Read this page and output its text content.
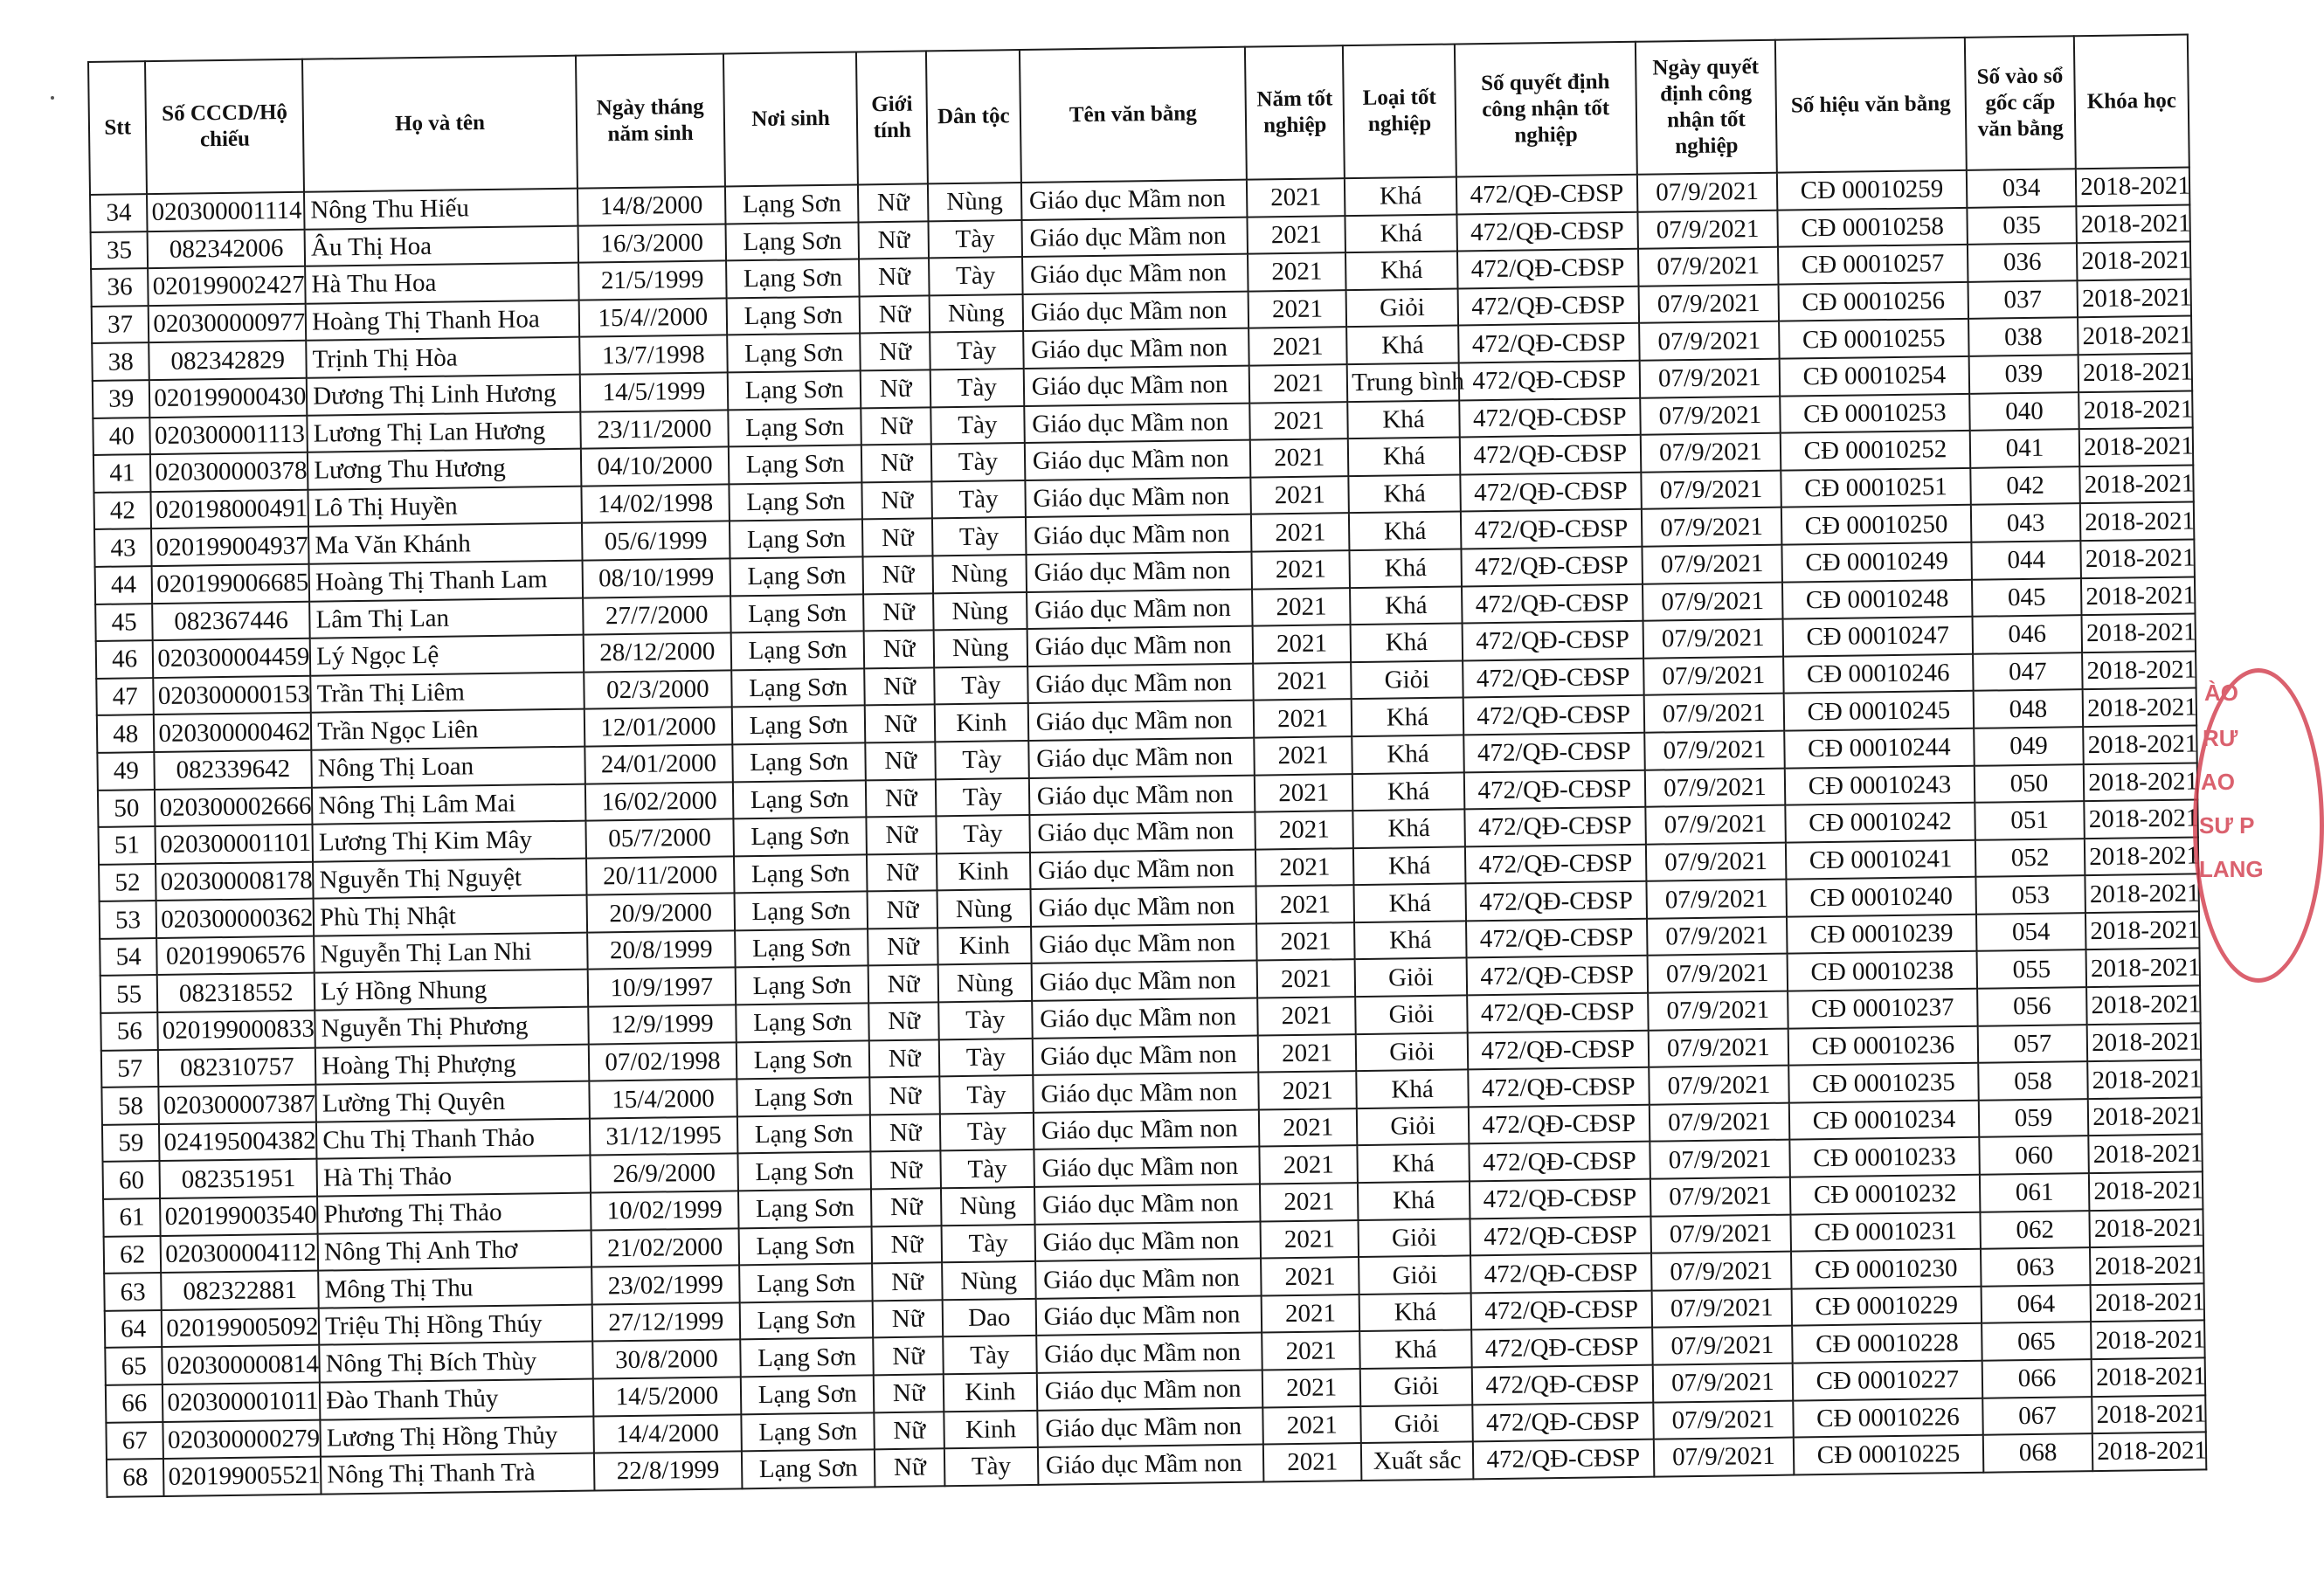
Stt	Số CCCD/Hộ chiếu	Họ và tên	Ngày tháng năm sinh	Nơi sinh	Giới tính	Dân tộc	Tên văn bằng	Năm tốt nghiệp	Loại tốt nghiệp	Số quyết định công nhận tốt nghiệp	Ngày quyết định công nhận tốt nghiệp	Số hiệu văn bằng	Số vào sổ gốc cấp văn bằng	Khóa học
34	020300001114	Nông Thu Hiếu	14/8/2000	Lạng Sơn	Nữ	Nùng	Giáo dục Mầm non	2021	Khá	472/QĐ-CĐSP	07/9/2021	CĐ 00010259	034	2018-2021
35	082342006	Âu Thị Hoa	16/3/2000	Lạng Sơn	Nữ	Tày	Giáo dục Mầm non	2021	Khá	472/QĐ-CĐSP	07/9/2021	CĐ 00010258	035	2018-2021
36	020199002427	Hà Thu Hoa	21/5/1999	Lạng Sơn	Nữ	Tày	Giáo dục Mầm non	2021	Khá	472/QĐ-CĐSP	07/9/2021	CĐ 00010257	036	2018-2021
37	020300000977	Hoàng Thị Thanh Hoa	15/4//2000	Lạng Sơn	Nữ	Nùng	Giáo dục Mầm non	2021	Giỏi	472/QĐ-CĐSP	07/9/2021	CĐ 00010256	037	2018-2021
38	082342829	Trịnh Thị Hòa	13/7/1998	Lạng Sơn	Nữ	Tày	Giáo dục Mầm non	2021	Khá	472/QĐ-CĐSP	07/9/2021	CĐ 00010255	038	2018-2021
39	020199000430	Dương Thị Linh Hương	14/5/1999	Lạng Sơn	Nữ	Tày	Giáo dục Mầm non	2021	Trung bình	472/QĐ-CĐSP	07/9/2021	CĐ 00010254	039	2018-2021
40	020300001113	Lương Thị Lan Hương	23/11/2000	Lạng Sơn	Nữ	Tày	Giáo dục Mầm non	2021	Khá	472/QĐ-CĐSP	07/9/2021	CĐ 00010253	040	2018-2021
41	020300000378	Lương Thu Hương	04/10/2000	Lạng Sơn	Nữ	Tày	Giáo dục Mầm non	2021	Khá	472/QĐ-CĐSP	07/9/2021	CĐ 00010252	041	2018-2021
42	020198000491	Lô Thị Huyền	14/02/1998	Lạng Sơn	Nữ	Tày	Giáo dục Mầm non	2021	Khá	472/QĐ-CĐSP	07/9/2021	CĐ 00010251	042	2018-2021
43	020199004937	Ma Văn Khánh	05/6/1999	Lạng Sơn	Nữ	Tày	Giáo dục Mầm non	2021	Khá	472/QĐ-CĐSP	07/9/2021	CĐ 00010250	043	2018-2021
44	020199006685	Hoàng Thị Thanh Lam	08/10/1999	Lạng Sơn	Nữ	Nùng	Giáo dục Mầm non	2021	Khá	472/QĐ-CĐSP	07/9/2021	CĐ 00010249	044	2018-2021
45	082367446	Lâm Thị Lan	27/7/2000	Lạng Sơn	Nữ	Nùng	Giáo dục Mầm non	2021	Khá	472/QĐ-CĐSP	07/9/2021	CĐ 00010248	045	2018-2021
46	020300004459	Lý Ngọc Lệ	28/12/2000	Lạng Sơn	Nữ	Nùng	Giáo dục Mầm non	2021	Khá	472/QĐ-CĐSP	07/9/2021	CĐ 00010247	046	2018-2021
47	020300000153	Trần Thị Liêm	02/3/2000	Lạng Sơn	Nữ	Tày	Giáo dục Mầm non	2021	Giỏi	472/QĐ-CĐSP	07/9/2021	CĐ 00010246	047	2018-2021
48	020300000462	Trần Ngọc Liên	12/01/2000	Lạng Sơn	Nữ	Kinh	Giáo dục Mầm non	2021	Khá	472/QĐ-CĐSP	07/9/2021	CĐ 00010245	048	2018-2021
49	082339642	Nông Thị Loan	24/01/2000	Lạng Sơn	Nữ	Tày	Giáo dục Mầm non	2021	Khá	472/QĐ-CĐSP	07/9/2021	CĐ 00010244	049	2018-2021
50	020300002666	Nông Thị Lâm Mai	16/02/2000	Lạng Sơn	Nữ	Tày	Giáo dục Mầm non	2021	Khá	472/QĐ-CĐSP	07/9/2021	CĐ 00010243	050	2018-2021
51	020300001101	Lương Thị Kim Mây	05/7/2000	Lạng Sơn	Nữ	Tày	Giáo dục Mầm non	2021	Khá	472/QĐ-CĐSP	07/9/2021	CĐ 00010242	051	2018-2021
52	020300008178	Nguyễn Thị Nguyệt	20/11/2000	Lạng Sơn	Nữ	Kinh	Giáo dục Mầm non	2021	Khá	472/QĐ-CĐSP	07/9/2021	CĐ 00010241	052	2018-2021
53	020300000362	Phù Thị Nhật	20/9/2000	Lạng Sơn	Nữ	Nùng	Giáo dục Mầm non	2021	Khá	472/QĐ-CĐSP	07/9/2021	CĐ 00010240	053	2018-2021
54	02019906576	Nguyễn Thị Lan Nhi	20/8/1999	Lạng Sơn	Nữ	Kinh	Giáo dục Mầm non	2021	Khá	472/QĐ-CĐSP	07/9/2021	CĐ 00010239	054	2018-2021
55	082318552	Lý Hồng Nhung	10/9/1997	Lạng Sơn	Nữ	Nùng	Giáo dục Mầm non	2021	Giỏi	472/QĐ-CĐSP	07/9/2021	CĐ 00010238	055	2018-2021
56	020199000833	Nguyễn Thị Phương	12/9/1999	Lạng Sơn	Nữ	Tày	Giáo dục Mầm non	2021	Giỏi	472/QĐ-CĐSP	07/9/2021	CĐ 00010237	056	2018-2021
57	082310757	Hoàng Thị Phượng	07/02/1998	Lạng Sơn	Nữ	Tày	Giáo dục Mầm non	2021	Giỏi	472/QĐ-CĐSP	07/9/2021	CĐ 00010236	057	2018-2021
58	020300007387	Lường Thị Quyên	15/4/2000	Lạng Sơn	Nữ	Tày	Giáo dục Mầm non	2021	Khá	472/QĐ-CĐSP	07/9/2021	CĐ 00010235	058	2018-2021
59	024195004382	Chu Thị Thanh Thảo	31/12/1995	Lạng Sơn	Nữ	Tày	Giáo dục Mầm non	2021	Giỏi	472/QĐ-CĐSP	07/9/2021	CĐ 00010234	059	2018-2021
60	082351951	Hà Thị Thảo	26/9/2000	Lạng Sơn	Nữ	Tày	Giáo dục Mầm non	2021	Khá	472/QĐ-CĐSP	07/9/2021	CĐ 00010233	060	2018-2021
61	020199003540	Phương Thị Thảo	10/02/1999	Lạng Sơn	Nữ	Nùng	Giáo dục Mầm non	2021	Khá	472/QĐ-CĐSP	07/9/2021	CĐ 00010232	061	2018-2021
62	020300004112	Nông Thị Anh Thơ	21/02/2000	Lạng Sơn	Nữ	Tày	Giáo dục Mầm non	2021	Giỏi	472/QĐ-CĐSP	07/9/2021	CĐ 00010231	062	2018-2021
63	082322881	Mông Thị Thu	23/02/1999	Lạng Sơn	Nữ	Nùng	Giáo dục Mầm non	2021	Giỏi	472/QĐ-CĐSP	07/9/2021	CĐ 00010230	063	2018-2021
64	020199005092	Triệu Thị Hồng Thúy	27/12/1999	Lạng Sơn	Nữ	Dao	Giáo dục Mầm non	2021	Khá	472/QĐ-CĐSP	07/9/2021	CĐ 00010229	064	2018-2021
65	020300000814	Nông Thị Bích Thùy	30/8/2000	Lạng Sơn	Nữ	Tày	Giáo dục Mầm non	2021	Khá	472/QĐ-CĐSP	07/9/2021	CĐ 00010228	065	2018-2021
66	020300001011	Đào Thanh Thủy	14/5/2000	Lạng Sơn	Nữ	Kinh	Giáo dục Mầm non	2021	Giỏi	472/QĐ-CĐSP	07/9/2021	CĐ 00010227	066	2018-2021
67	020300000279	Lương Thị Hồng Thủy	14/4/2000	Lạng Sơn	Nữ	Kinh	Giáo dục Mầm non	2021	Giỏi	472/QĐ-CĐSP	07/9/2021	CĐ 00010226	067	2018-2021
68	020199005521	Nông Thị Thanh Trà	22/8/1999	Lạng Sơn	Nữ	Tày	Giáo dục Mầm non	2021	Xuất sắc	472/QĐ-CĐSP	07/9/2021	CĐ 00010225	068	2018-2021
ÀO
RƯ
AO
SƯ P
LANG
